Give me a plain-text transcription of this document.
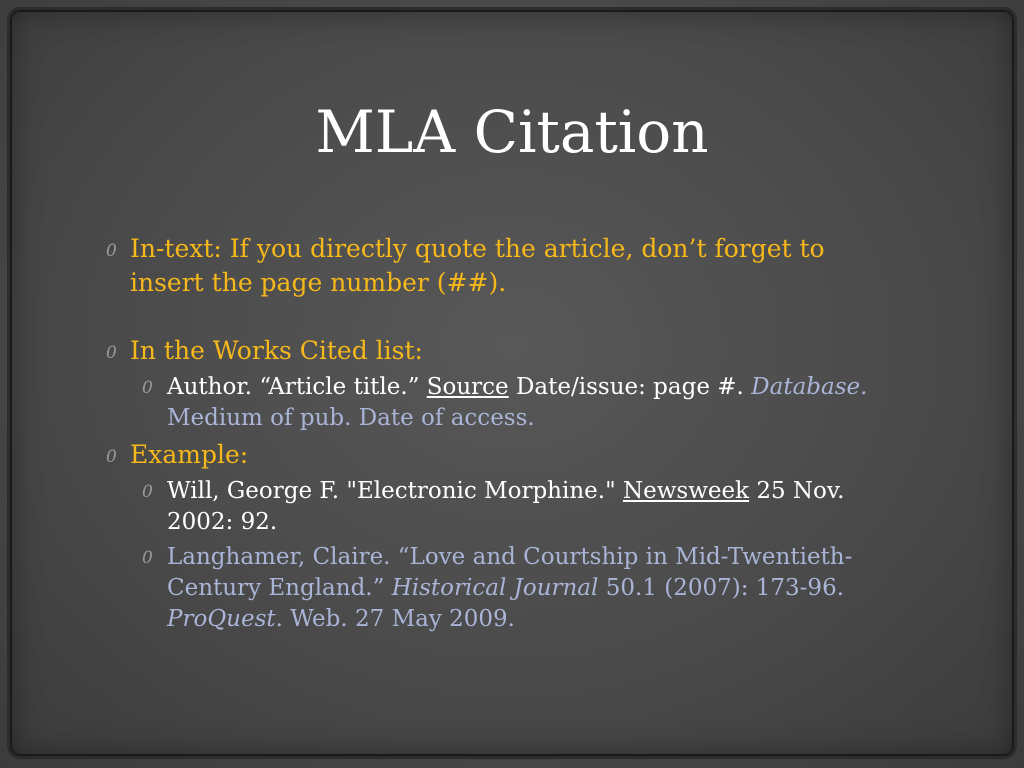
MLA Citation
0 In-text: If you directly quote the article, don’t forget to insert the page number (##).
0 In the Works Cited list:
0 Author. “Article title.” Source Date/issue: page #. Database. Medium of pub. Date of access.
0 Example:
0 Will, George F. "Electronic Morphine." Newsweek 25 Nov. 2002: 92.
0 Langhamer, Claire. “Love and Courtship in Mid-Twentieth-Century England.” Historical Journal 50.1 (2007): 173-96. ProQuest. Web. 27 May 2009.
